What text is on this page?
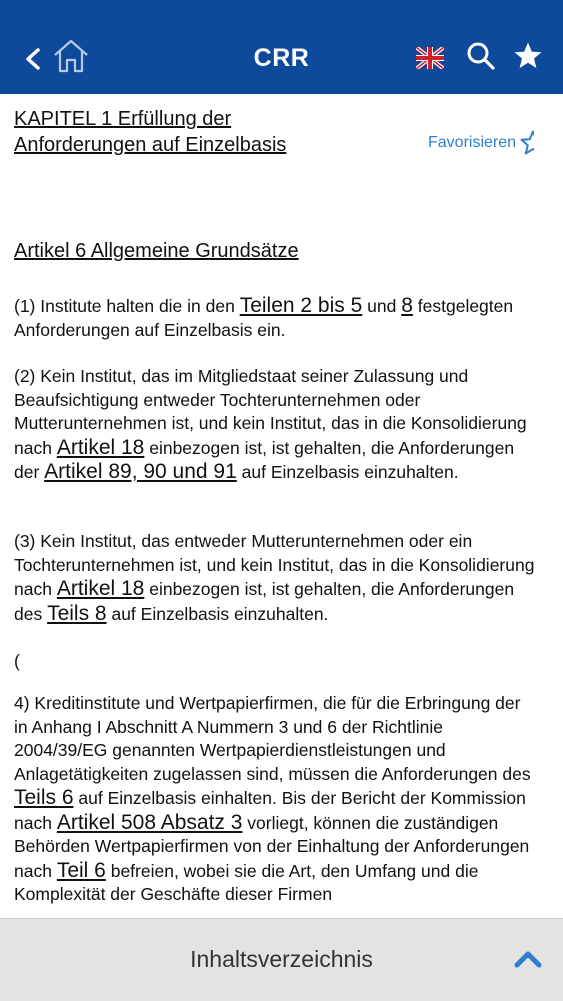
CRR
KAPITEL 1 Erfüllung der Anforderungen auf Einzelbasis	Favorisieren
Artikel 6 Allgemeine Grundsätze
(1) Institute halten die in den Teilen 2 bis 5 und 8 festgelegten Anforderungen auf Einzelbasis ein.
(2) Kein Institut, das im Mitgliedstaat seiner Zulassung und Beaufsichtigung entweder Tochterunternehmen oder Mutterunternehmen ist, und kein Institut, das in die Konsolidierung nach Artikel 18 einbezogen ist, ist gehalten, die Anforderungen der Artikel 89, 90 und 91 auf Einzelbasis einzuhalten.
(3) Kein Institut, das entweder Mutterunternehmen oder ein Tochterunternehmen ist, und kein Institut, das in die Konsolidierung nach Artikel 18 einbezogen ist, ist gehalten, die Anforderungen des Teils 8 auf Einzelbasis einzuhalten.
(
4) Kreditinstitute und Wertpapierfirmen, die für die Erbringung der in Anhang I Abschnitt A Nummern 3 und 6 der Richtlinie 2004/39/EG genannten Wertpapierdienstleistungen und Anlagetätigkeiten zugelassen sind, müssen die Anforderungen des Teils 6 auf Einzelbasis einhalten. Bis der Bericht der Kommission nach Artikel 508 Absatz 3 vorliegt, können die zuständigen Behörden Wertpapierfirmen von der Einhaltung der Anforderungen nach Teil 6 befreien, wobei sie die Art, den Umfang und die Komplexität der Geschäfte dieser Firmen
Inhaltsverzeichnis
